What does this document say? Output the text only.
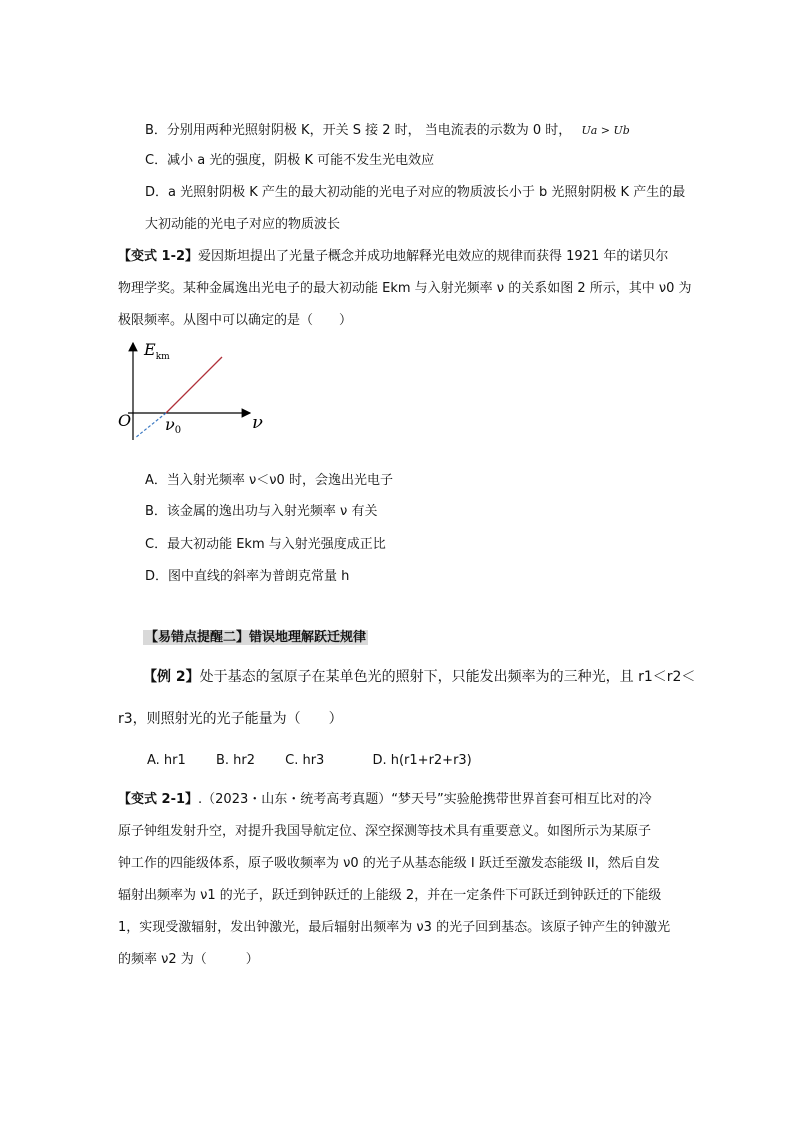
B．分别用两种光照射阴极 K，开关 S 接 2 时， 当电流表的示数为 0 时， Ua > Ub
C．减小 a 光的强度，阴极 K 可能不发生光电效应
D．a 光照射阴极 K 产生的最大初动能的光电子对应的物质波长小于 b 光照射阴极 K 产生的最
大初动能的光电子对应的物质波长
【变式 1-2】爱因斯坦提出了光量子概念并成功地解释光电效应的规律而获得 1921 年的诺贝尔
物理学奖。某种金属逸出光电子的最大初动能 Ekm 与入射光频率 ν 的关系如图 2 所示，其中 ν0 为
极限频率。从图中可以确定的是（　　）
$E_{km}$
O ν0	ν
A．当入射光频率 ν＜ν0 时，会逸出光电子
B．该金属的逸出功与入射光频率 ν 有关
C．最大初动能 Ekm 与入射光强度成正比
D．图中直线的斜率为普朗克常量 h
【易错点提醒二】错误地理解跃迁规律
【例 2】处于基态的氢原子在某单色光的照射下，只能发出频率为的三种光，且 r1＜r2＜
r3，则照射光的光子能量为（　　）
A. hr1 B. hr2 C. hr3	D. h(r1+r2+r3)
【变式 2-1】.（2023・山东・统考高考真题）“梦天号”实验舱携带世界首套可相互比对的冷
原子钟组发射升空，对提升我国导航定位、深空探测等技术具有重要意义。如图所示为某原子
钟工作的四能级体系，原子吸收频率为 ν0 的光子从基态能级 I 跃迁至激发态能级 II，然后自发
辐射出频率为 ν1 的光子，跃迁到钟跃迁的上能级 2，并在一定条件下可跃迁到钟跃迁的下能级
1，实现受激辐射，发出钟激光，最后辐射出频率为 ν3 的光子回到基态。该原子钟产生的钟激光
的频率 ν2 为（　　　）
